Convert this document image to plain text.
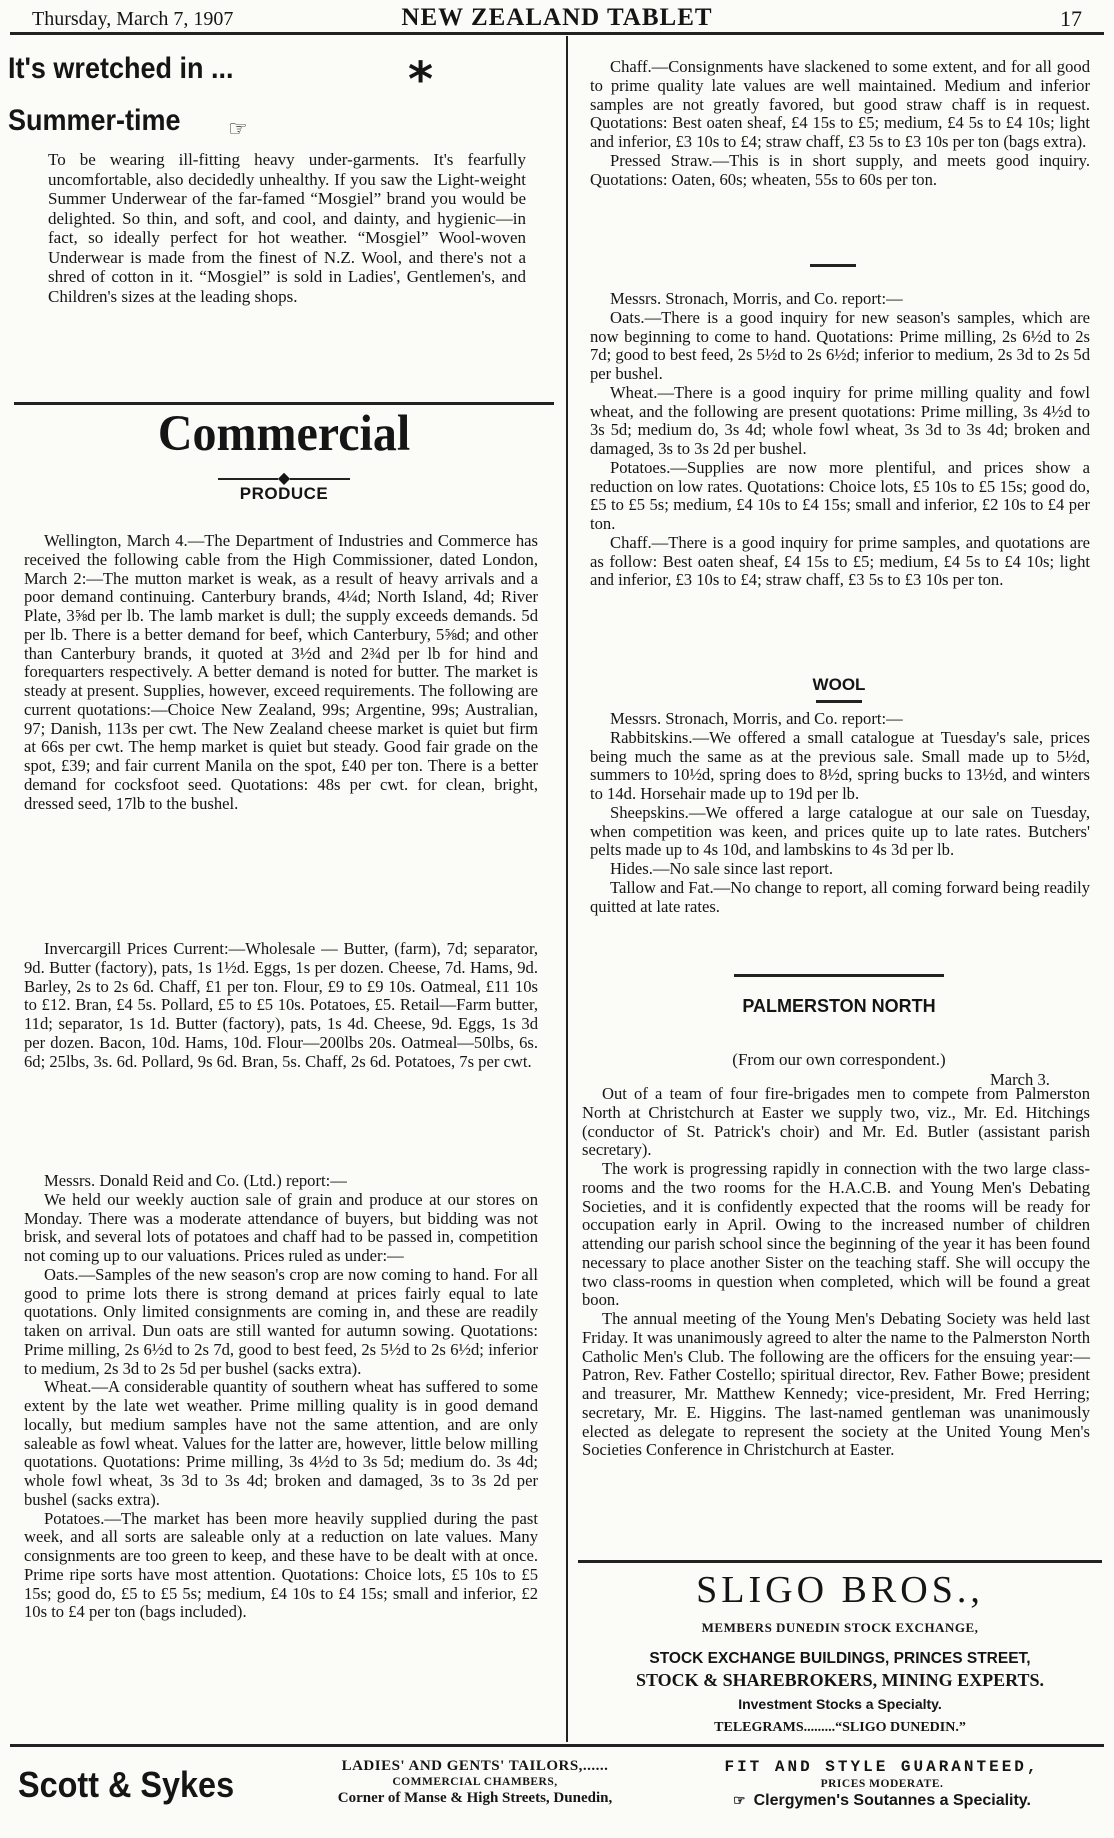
Thursday, March 7, 1907	NEW ZEALAND TABLET	17
It's wretched in ...
Summer-time
*
☞

To be wearing ill-fitting heavy under-garments. It's fearfully uncomfortable, also decidedly unhealthy. If you saw the Light-weight Summer Underwear of the far-famed “Mosgiel” brand you would be delighted. So thin, and soft, and cool, and dainty, and hygienic—in fact, so ideally perfect for hot weather. “Mosgiel” Wool-woven Underwear is made from the finest of N.Z. Wool, and there's not a shred of cotton in it. “Mosgiel” is sold in Ladies', Gentlemen's, and Children's sizes at the leading shops.

Commercial
◆
PRODUCE

Wellington, March 4.—The Department of Industries and Commerce has received the following cable from the High Commissioner, dated London, March 2:—The mutton market is weak, as a result of heavy arrivals and a poor demand continuing. Canterbury brands, 4¼d; North Island, 4d; River Plate, 3⅝d per lb. The lamb market is dull; the supply exceeds demands. 5d per lb. There is a better demand for beef, which Canterbury, 5⅝d; and other than Canterbury brands, it quoted at 3½d and 2¾d per lb for hind and forequarters respectively. A better demand is noted for butter. The market is steady at present. Supplies, however, exceed requirements. The following are current quotations:—Choice New Zealand, 99s; Argentine, 99s; Australian, 97; Danish, 113s per cwt. The New Zealand cheese market is quiet but firm at 66s per cwt. The hemp market is quiet but steady. Good fair grade on the spot, £39; and fair current Manila on the spot, £40 per ton. There is a better demand for cocksfoot seed. Quotations: 48s per cwt. for clean, bright, dressed seed, 17lb to the bushel.

Invercargill Prices Current:—Wholesale — Butter, (farm), 7d; separator, 9d. Butter (factory), pats, 1s 1½d. Eggs, 1s per dozen. Cheese, 7d. Hams, 9d. Barley, 2s to 2s 6d. Chaff, £1 per ton. Flour, £9 to £9 10s. Oatmeal, £11 10s to £12. Bran, £4 5s. Pollard, £5 to £5 10s. Potatoes, £5. Retail—Farm butter, 11d; separator, 1s 1d. Butter (factory), pats, 1s 4d. Cheese, 9d. Eggs, 1s 3d per dozen. Bacon, 10d. Hams, 10d. Flour—200lbs 20s. Oatmeal—50lbs, 6s. 6d; 25lbs, 3s. 6d. Pollard, 9s 6d. Bran, 5s. Chaff, 2s 6d. Potatoes, 7s per cwt.

Messrs. Donald Reid and Co. (Ltd.) report:—

We held our weekly auction sale of grain and produce at our stores on Monday. There was a moderate attendance of buyers, but bidding was not brisk, and several lots of potatoes and chaff had to be passed in, competition not coming up to our valuations. Prices ruled as under:—

Oats.—Samples of the new season's crop are now coming to hand. For all good to prime lots there is strong demand at prices fairly equal to late quotations. Only limited consignments are coming in, and these are readily taken on arrival. Dun oats are still wanted for autumn sowing. Quotations: Prime milling, 2s 6½d to 2s 7d, good to best feed, 2s 5½d to 2s 6½d; inferior to medium, 2s 3d to 2s 5d per bushel (sacks extra).

Wheat.—A considerable quantity of southern wheat has suffered to some extent by the late wet weather. Prime milling quality is in good demand locally, but medium samples have not the same attention, and are only saleable as fowl wheat. Values for the latter are, however, little below milling quotations. Quotations: Prime milling, 3s 4½d to 3s 5d; medium do. 3s 4d; whole fowl wheat, 3s 3d to 3s 4d; broken and damaged, 3s to 3s 2d per bushel (sacks extra).

Potatoes.—The market has been more heavily supplied during the past week, and all sorts are saleable only at a reduction on late values. Many consignments are too green to keep, and these have to be dealt with at once. Prime ripe sorts have most attention. Quotations: Choice lots, £5 10s to £5 15s; good do, £5 to £5 5s; medium, £4 10s to £4 15s; small and inferior, £2 10s to £4 per ton (bags included).

Chaff.—Consignments have slackened to some extent, and for all good to prime quality late values are well maintained. Medium and inferior samples are not greatly favored, but good straw chaff is in request. Quotations: Best oaten sheaf, £4 15s to £5; medium, £4 5s to £4 10s; light and inferior, £3 10s to £4; straw chaff, £3 5s to £3 10s per ton (bags extra).

Pressed Straw.—This is in short supply, and meets good inquiry. Quotations: Oaten, 60s; wheaten, 55s to 60s per ton.

Messrs. Stronach, Morris, and Co. report:—

Oats.—There is a good inquiry for new season's samples, which are now beginning to come to hand. Quotations: Prime milling, 2s 6½d to 2s 7d; good to best feed, 2s 5½d to 2s 6½d; inferior to medium, 2s 3d to 2s 5d per bushel.

Wheat.—There is a good inquiry for prime milling quality and fowl wheat, and the following are present quotations: Prime milling, 3s 4½d to 3s 5d; medium do, 3s 4d; whole fowl wheat, 3s 3d to 3s 4d; broken and damaged, 3s to 3s 2d per bushel.

Potatoes.—Supplies are now more plentiful, and prices show a reduction on low rates. Quotations: Choice lots, £5 10s to £5 15s; good do, £5 to £5 5s; medium, £4 10s to £4 15s; small and inferior, £2 10s to £4 per ton.

Chaff.—There is a good inquiry for prime samples, and quotations are as follow: Best oaten sheaf, £4 15s to £5; medium, £4 5s to £4 10s; light and inferior, £3 10s to £4; straw chaff, £3 5s to £3 10s per ton.

WOOL

Messrs. Stronach, Morris, and Co. report:—

Rabbitskins.—We offered a small catalogue at Tuesday's sale, prices being much the same as at the previous sale. Small made up to 5½d, summers to 10½d, spring does to 8½d, spring bucks to 13½d, and winters to 14d. Horsehair made up to 19d per lb.

Sheepskins.—We offered a large catalogue at our sale on Tuesday, when competition was keen, and prices quite up to late rates. Butchers' pelts made up to 4s 10d, and lambskins to 4s 3d per lb.

Hides.—No sale since last report.

Tallow and Fat.—No change to report, all coming forward being readily quitted at late rates.

PALMERSTON NORTH
(From our own correspondent.)
March 3.

Out of a team of four fire-brigades men to compete from Palmerston North at Christchurch at Easter we supply two, viz., Mr. Ed. Hitchings (conductor of St. Patrick's choir) and Mr. Ed. Butler (assistant parish secretary).

The work is progressing rapidly in connection with the two large class-rooms and the two rooms for the H.A.C.B. and Young Men's Debating Societies, and it is confidently expected that the rooms will be ready for occupation early in April. Owing to the increased number of children attending our parish school since the beginning of the year it has been found necessary to place another Sister on the teaching staff. She will occupy the two class-rooms in question when completed, which will be found a great boon.

The annual meeting of the Young Men's Debating Society was held last Friday. It was unanimously agreed to alter the name to the Palmerston North Catholic Men's Club. The following are the officers for the ensuing year:—Patron, Rev. Father Costello; spiritual director, Rev. Father Bowe; president and treasurer, Mr. Matthew Kennedy; vice-president, Mr. Fred Herring; secretary, Mr. E. Higgins. The last-named gentleman was unanimously elected as delegate to represent the society at the United Young Men's Societies Conference in Christchurch at Easter.

SLIGO BROS.,
MEMBERS DUNEDIN STOCK EXCHANGE,
STOCK EXCHANGE BUILDINGS, PRINCES STREET,
STOCK & SHAREBROKERS, MINING EXPERTS.
Investment Stocks a Specialty.
TELEGRAMS.........“SLIGO DUNEDIN.”
Scott & Sykes	LADIES' AND GENTS' TAILORS,......
COMMERCIAL CHAMBERS,
Corner of Manse & High Streets, Dunedin,
FIT AND STYLE GUARANTEED,
PRICES MODERATE.
☞ Clergymen's Soutannes a Speciality.
